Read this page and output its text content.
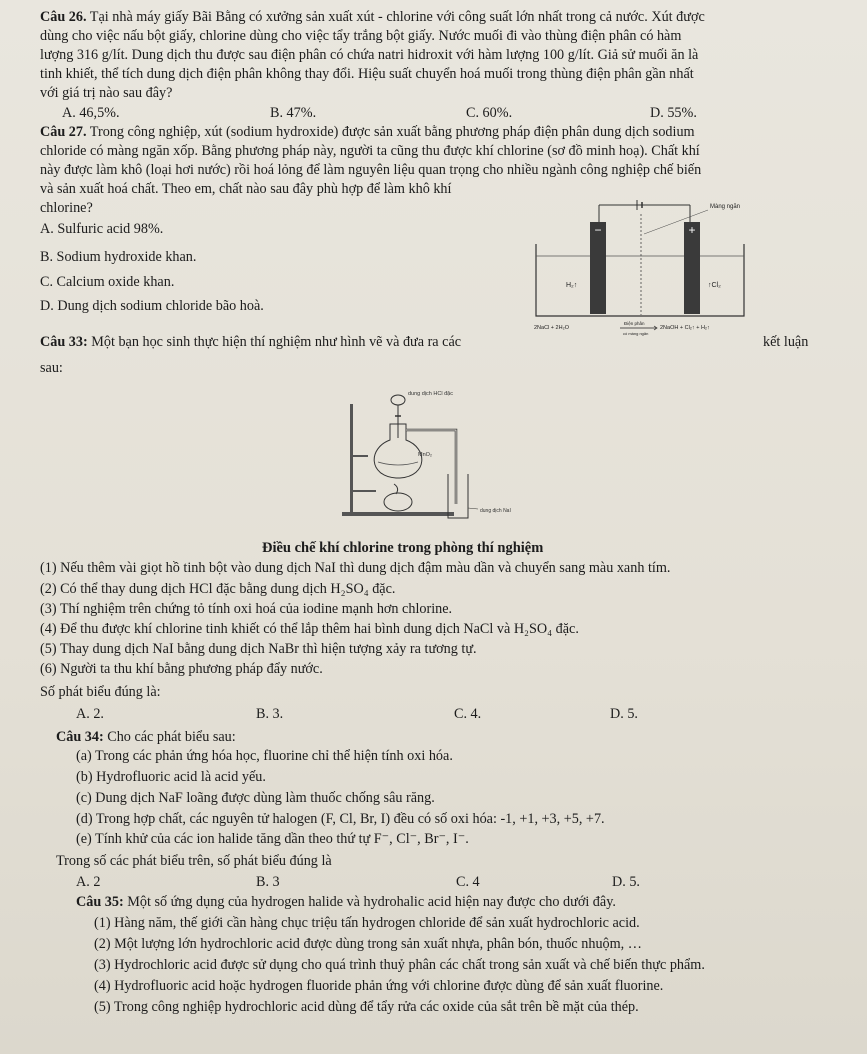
Câu 26. Tại nhà máy giấy Bãi Bằng có xưởng sản xuất xút - chlorine với công suất lớn nhất trong cả nước. Xút được
dùng cho việc nấu bột giấy, chlorine dùng cho việc tẩy trắng bột giấy. Nước muối đi vào thùng điện phân có hàm
lượng 316 g/lít. Dung dịch thu được sau điện phân có chứa natri hidroxit với hàm lượng 100 g/lít. Giả sử muối ăn là
tinh khiết, thể tích dung dịch điện phân không thay đổi. Hiệu suất chuyển hoá muối trong thùng điện phân gần nhất
với giá trị nào sau đây?
A. 46,5%.	B. 47%.	C. 60%.	D. 55%.
Câu 27. Trong công nghiệp, xút (sodium hydroxide) được sản xuất bằng phương pháp điện phân dung dịch sodium
chloride có màng ngăn xốp. Bằng phương pháp này, người ta cũng thu được khí chlorine (sơ đồ minh hoạ). Chất khí
này được làm khô (loại hơi nước) rồi hoá lỏng để làm nguyên liệu quan trọng cho nhiều ngành công nghiệp chế biến
và sản xuất hoá chất. Theo em, chất nào sau đây phù hợp để làm khô khí
chlorine?
A. Sulfuric acid 98%.
B. Sodium hydroxide khan.
C. Calcium oxide khan.
D. Dung dịch sodium chloride bão hoà.
−	+
Màng ngăn
H₂↑	↑Cl₂
2NaCl + 2H₂O
Điện phân
có màng ngăn
2NaOH + Cl₂↑ + H₂↑
Câu 33: Một bạn học sinh thực hiện thí nghiệm như hình vẽ và đưa ra các	kết luận
sau:
dung dịch HCl đặc
MnO₂
dung dịch NaI
Điều chế khí chlorine trong phòng thí nghiệm
(1) Nếu thêm vài giọt hồ tinh bột vào dung dịch NaI thì dung dịch đậm màu dần và chuyển sang màu xanh tím.
(2) Có thể thay dung dịch HCl đặc bằng dung dịch H₂SO₄ đặc.
(3) Thí nghiệm trên chứng tỏ tính oxi hoá của iodine mạnh hơn chlorine.
(4) Để thu được khí chlorine tinh khiết có thể lắp thêm hai bình dung dịch NaCl và H₂SO₄ đặc.
(5) Thay dung dịch NaI bằng dung dịch NaBr thì hiện tượng xảy ra tương tự.
(6) Người ta thu khí bằng phương pháp đẩy nước.
Số phát biểu đúng là:
A. 2.	B. 3.	C. 4.	D. 5.
Câu 34: Cho các phát biểu sau:
(a) Trong các phản ứng hóa học, fluorine chỉ thể hiện tính oxi hóa.
(b) Hydrofluoric acid là acid yếu.
(c) Dung dịch NaF loãng được dùng làm thuốc chống sâu răng.
(d) Trong hợp chất, các nguyên tử halogen (F, Cl, Br, I) đều có số oxi hóa: -1, +1, +3, +5, +7.
(e) Tính khử của các ion halide tăng dần theo thứ tự F⁻, Cl⁻, Br⁻, I⁻.
Trong số các phát biểu trên, số phát biểu đúng là
A. 2	B. 3	C. 4	D. 5.
Câu 35: Một số ứng dụng của hydrogen halide và hydrohalic acid hiện nay được cho dưới đây.
(1) Hàng năm, thế giới cần hàng chục triệu tấn hydrogen chloride để sản xuất hydrochloric acid.
(2) Một lượng lớn hydrochloric acid được dùng trong sản xuất nhựa, phân bón, thuốc nhuộm, …
(3) Hydrochloric acid được sử dụng cho quá trình thuỷ phân các chất trong sản xuất và chế biến thực phẩm.
(4) Hydrofluoric acid hoặc hydrogen fluoride phản ứng với chlorine được dùng để sản xuất fluorine.
(5) Trong công nghiệp hydrochloric acid dùng để tẩy rửa các oxide của sắt trên bề mặt của thép.
